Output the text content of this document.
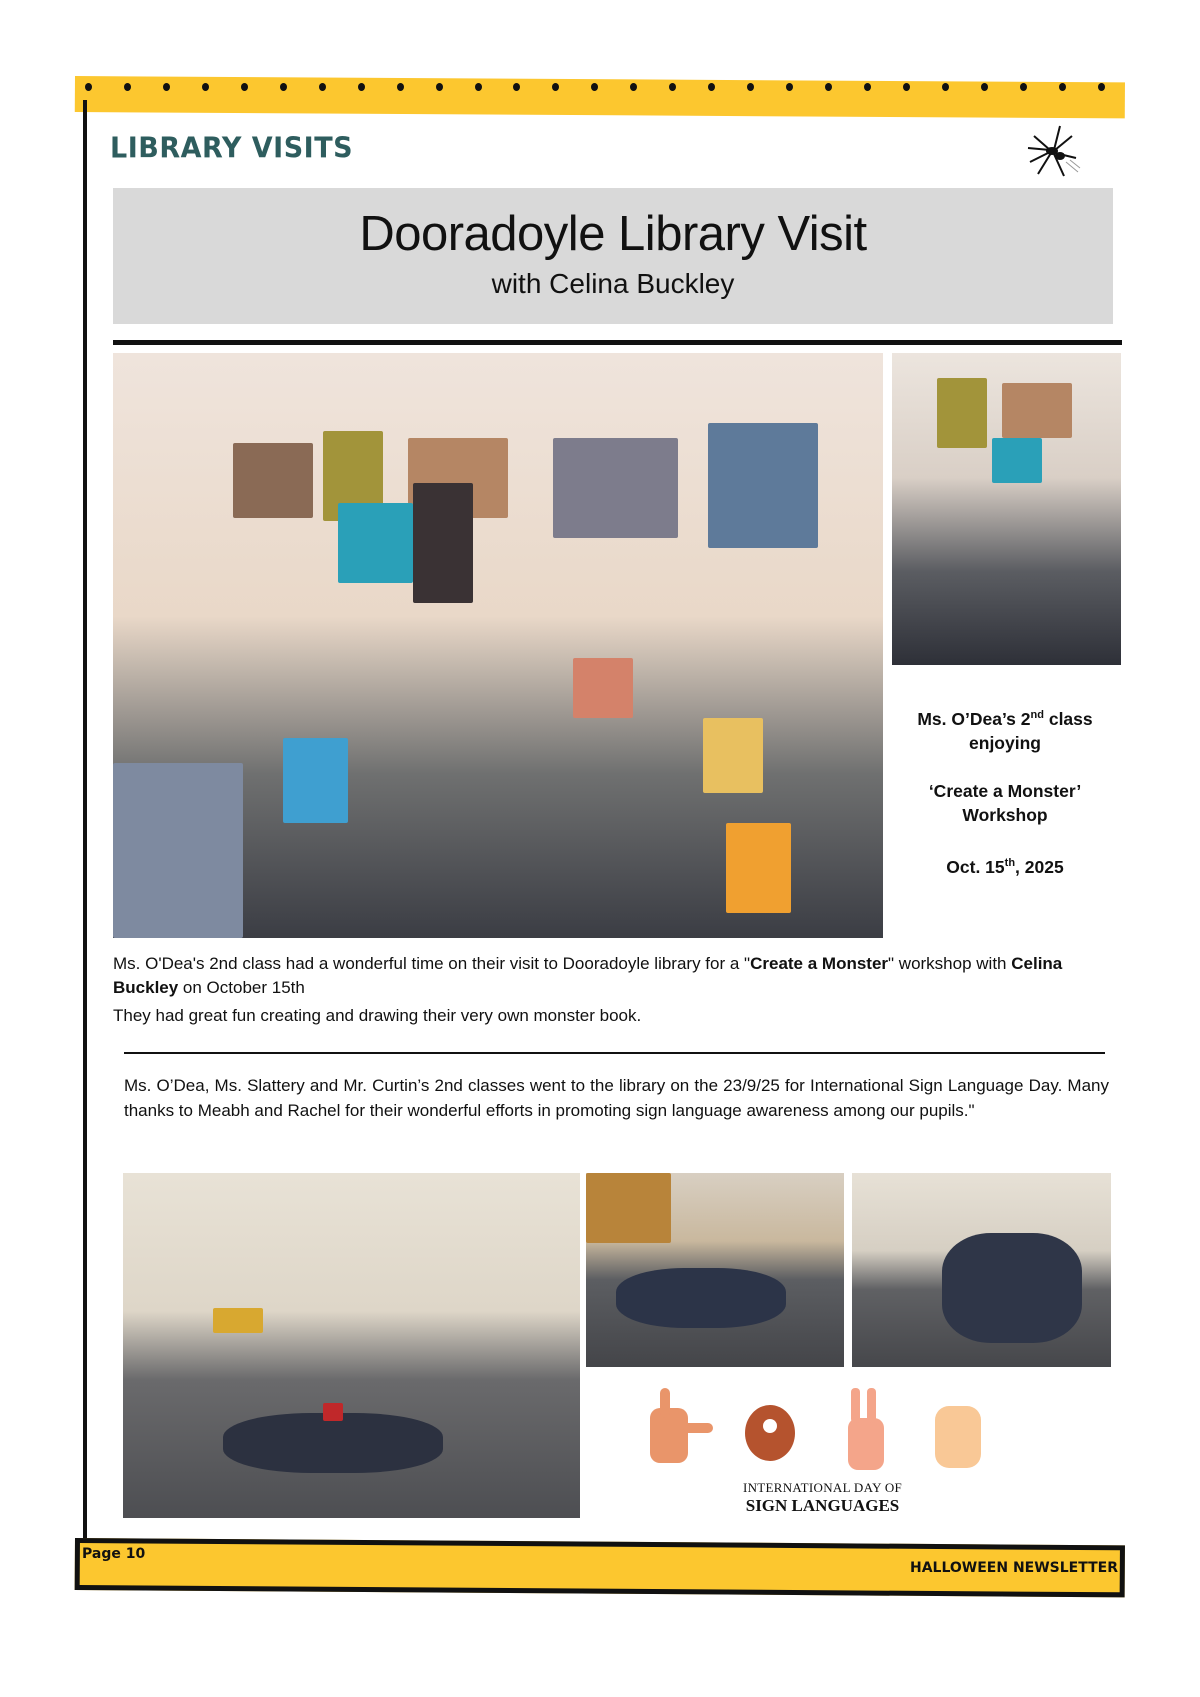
LIBRARY VISITS
Dooradoyle Library Visit
with Celina Buckley

Ms. O’Dea’s 2nd class

enjoying

‘Create a Monster’

Workshop

Oct. 15th, 2025

Ms. O'Dea's 2nd class had a wonderful time on their visit to Dooradoyle library for a "Create a Monster" workshop with Celina Buckley on October 15th
They had great fun creating and drawing their very own monster book.
Ms. O’Dea, Ms. Slattery and Mr. Curtin’s 2nd classes went to the library on the 23/9/25 for International Sign Language Day. Many thanks to Meabh and Rachel for their wonderful efforts in promoting sign language awareness among our pupils."
INTERNATIONAL DAY OF
SIGN LANGUAGES
Page 10
HALLOWEEN NEWSLETTER
